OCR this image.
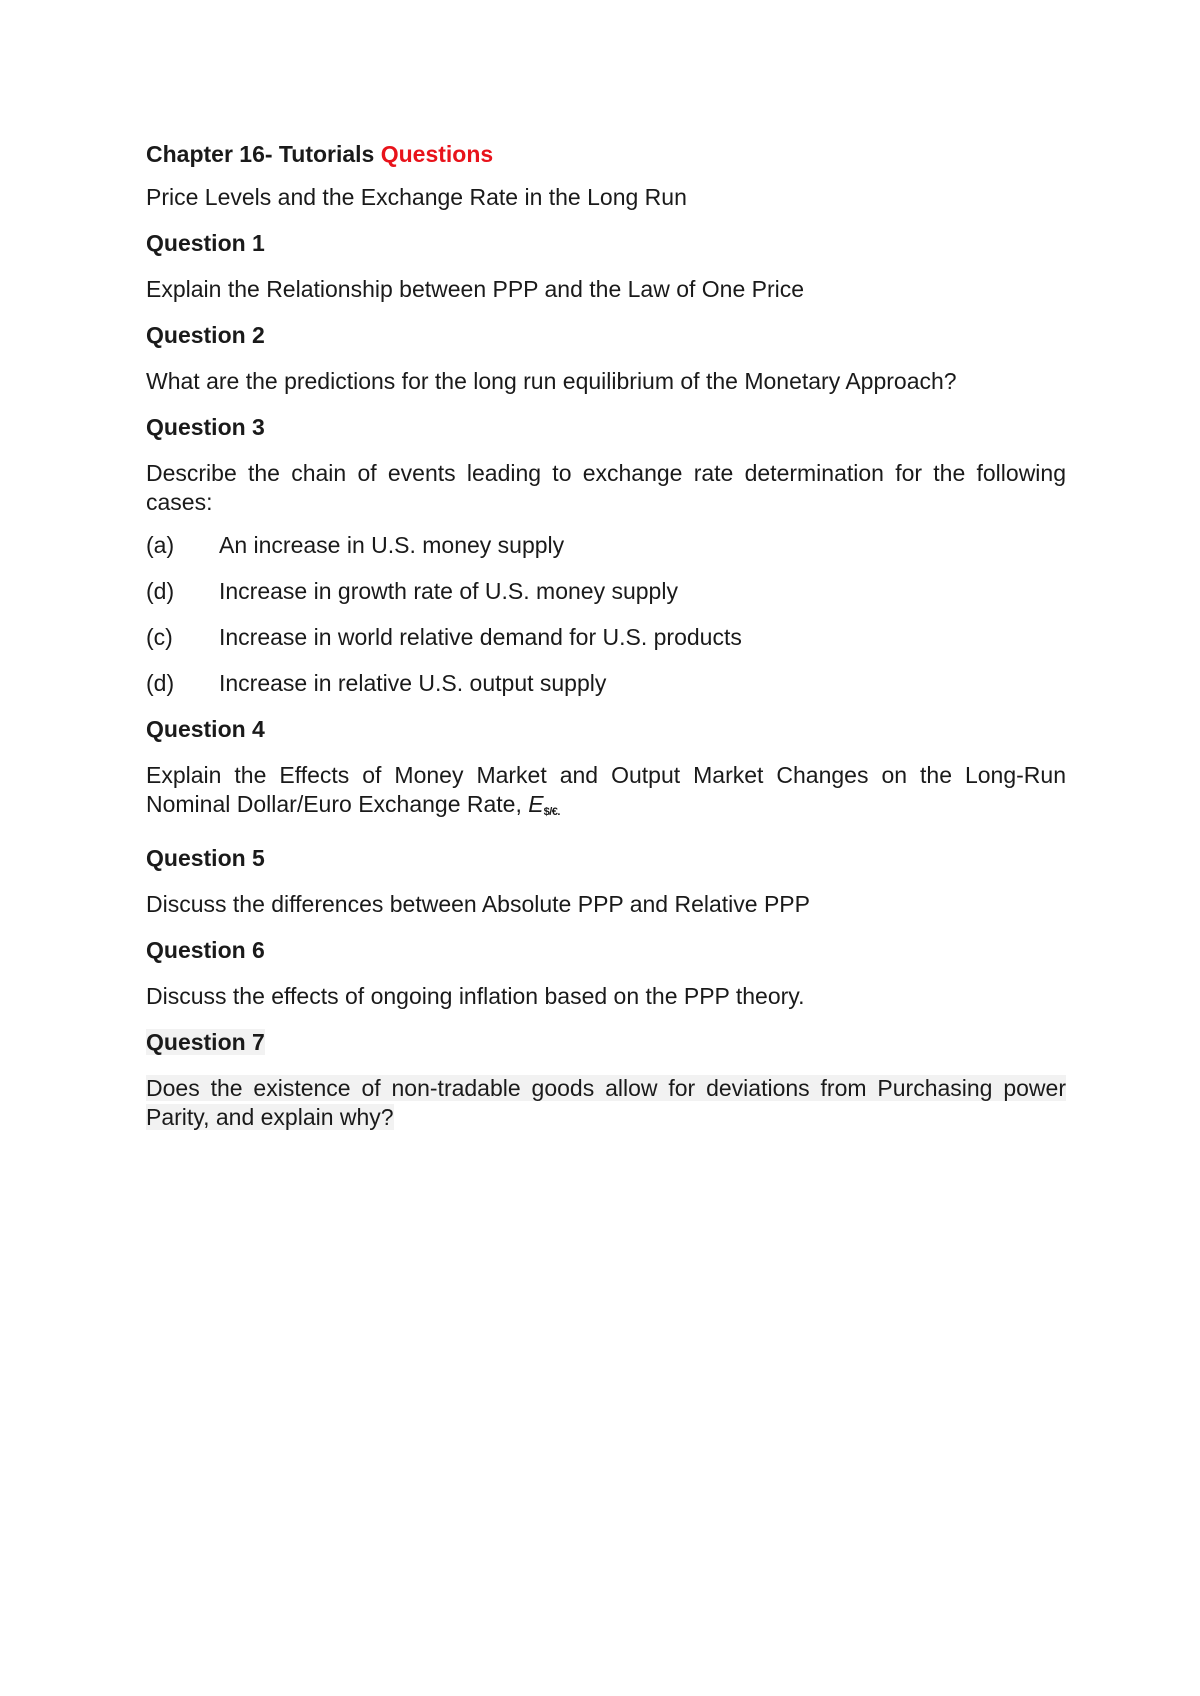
Chapter 16- Tutorials Questions
Price Levels and the Exchange Rate in the Long Run
Question 1
Explain the Relationship between PPP and the Law of One Price
Question 2
What are the predictions for the long run equilibrium of the Monetary Approach?
Question 3
Describe the chain of events leading to exchange rate determination for the following cases:
(a)	An increase in U.S. money supply
(d)	Increase in growth rate of U.S. money supply
(c)	Increase in world relative demand for U.S. products
(d)	Increase in relative U.S. output supply
Question 4
Explain the Effects of Money Market and Output Market Changes on the Long-Run Nominal Dollar/Euro Exchange Rate, $E_{\$/€.}$
Question 5
Discuss the differences between Absolute PPP and Relative PPP
Question 6
Discuss the effects of ongoing inflation based on the PPP theory.
Question 7
Does the existence of non-tradable goods allow for deviations from Purchasing power Parity, and explain why?
